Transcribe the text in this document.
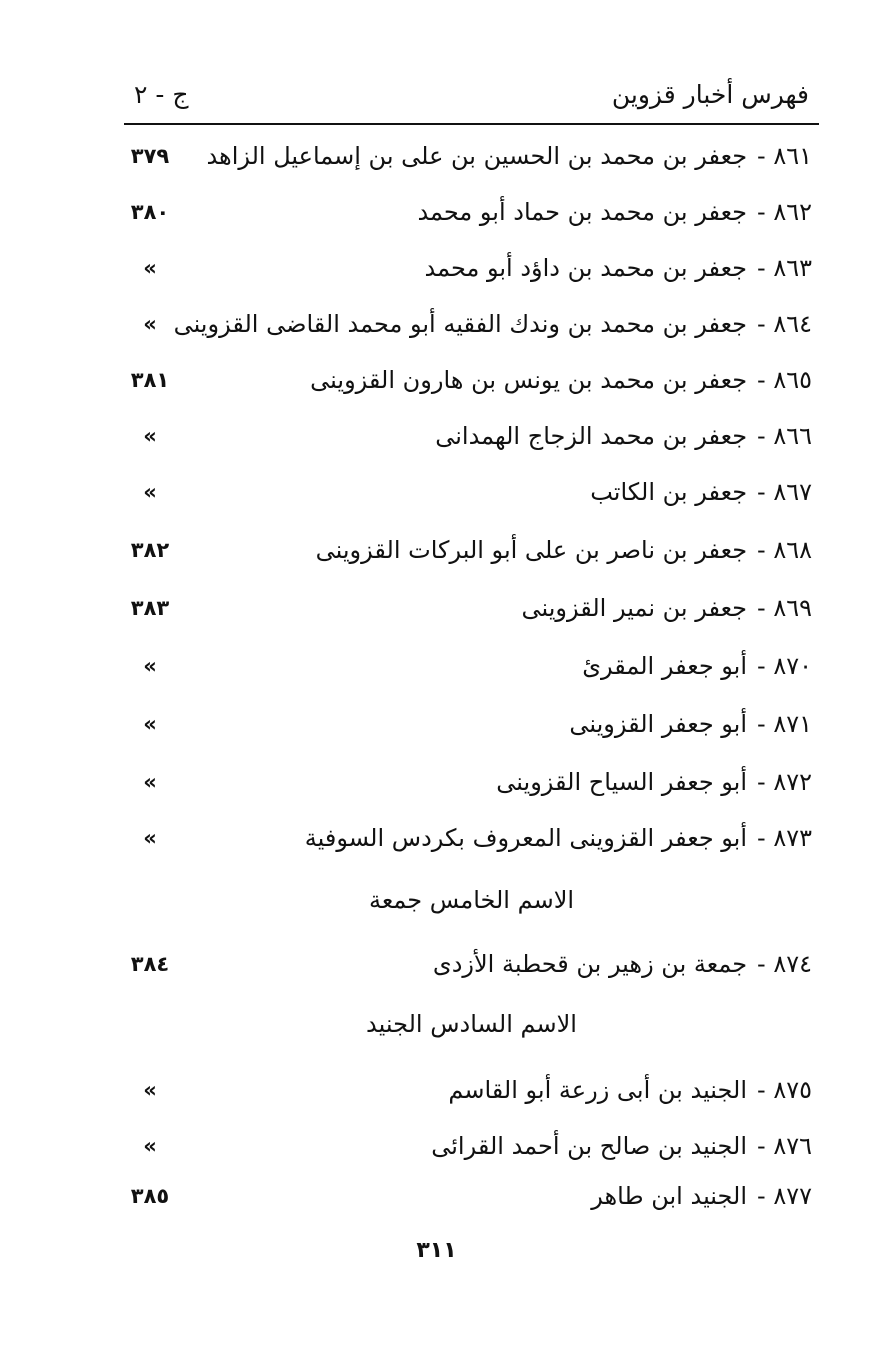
فهرس أخبار قزوين
ج - ٢
٨٦١ -جعفر بن محمد بن الحسين بن على بن إسماعيل الزاهد
٣٧٩
٨٦٢ -جعفر بن محمد بن حماد أبو محمد
٣٨٠
٨٦٣ -جعفر بن محمد بن داؤد أبو محمد
»
٨٦٤ -جعفر بن محمد بن وندك الفقيه أبو محمد القاضى القزوينى
»
٨٦٥ -جعفر بن محمد بن يونس بن هارون القزوينى
٣٨١
٨٦٦ -جعفر بن محمد الزجاج الهمدانى
»
٨٦٧ -جعفر بن الكاتب
»
٨٦٨ -جعفر بن ناصر بن على أبو البركات القزوينى
٣٨٢
٨٦٩ -جعفر بن نمير القزوينى
٣٨٣
٨٧٠ -أبو جعفر المقرئ
»
٨٧١ -أبو جعفر القزوينى
»
٨٧٢ -أبو جعفر السياح القزوينى
»
٨٧٣ -أبو جعفر القزوينى المعروف بكردس السوفية
»
الاسم الخامس جمعة
٨٧٤ -جمعة بن زهير بن قحطبة الأزدى
٣٨٤
الاسم السادس الجنيد
٨٧٥ -الجنيد بن أبى زرعة أبو القاسم
»
٨٧٦ -الجنيد بن صالح بن أحمد القرائى
»
٨٧٧ -الجنيد ابن طاهر
٣٨٥
٣١١
